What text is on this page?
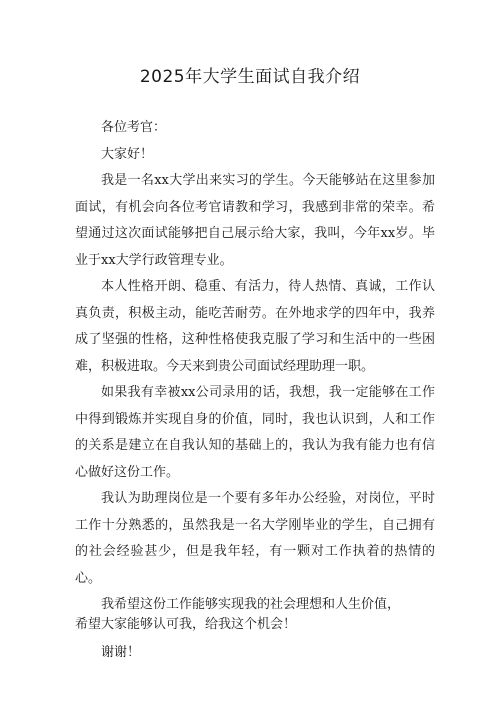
2025年大学生面试自我介绍

各位考官：

大家好！

我是一名xx大学出来实习的学生。今天能够站在这里参加面试，有机会向各位考官请教和学习，我感到非常的荣幸。希望通过这次面试能够把自己展示给大家，我叫，今年xx岁。毕业于xx大学行政管理专业。

本人性格开朗、稳重、有活力，待人热情、真诚，工作认真负责，积极主动，能吃苦耐劳。在外地求学的四年中，我养成了坚强的性格，这种性格使我克服了学习和生活中的一些困难，积极进取。今天来到贵公司面试经理助理一职。

如果我有幸被xx公司录用的话，我想，我一定能够在工作中得到锻炼并实现自身的价值，同时，我也认识到，人和工作的关系是建立在自我认知的基础上的，我认为我有能力也有信心做好这份工作。

我认为助理岗位是一个要有多年办公经验，对岗位，平时工作十分熟悉的，虽然我是一名大学刚毕业的学生，自己拥有的社会经验甚少，但是我年轻，有一颗对工作执着的热情的心。

我希望这份工作能够实现我的社会理想和人生价值，
希望大家能够认可我，给我这个机会！

谢谢！
